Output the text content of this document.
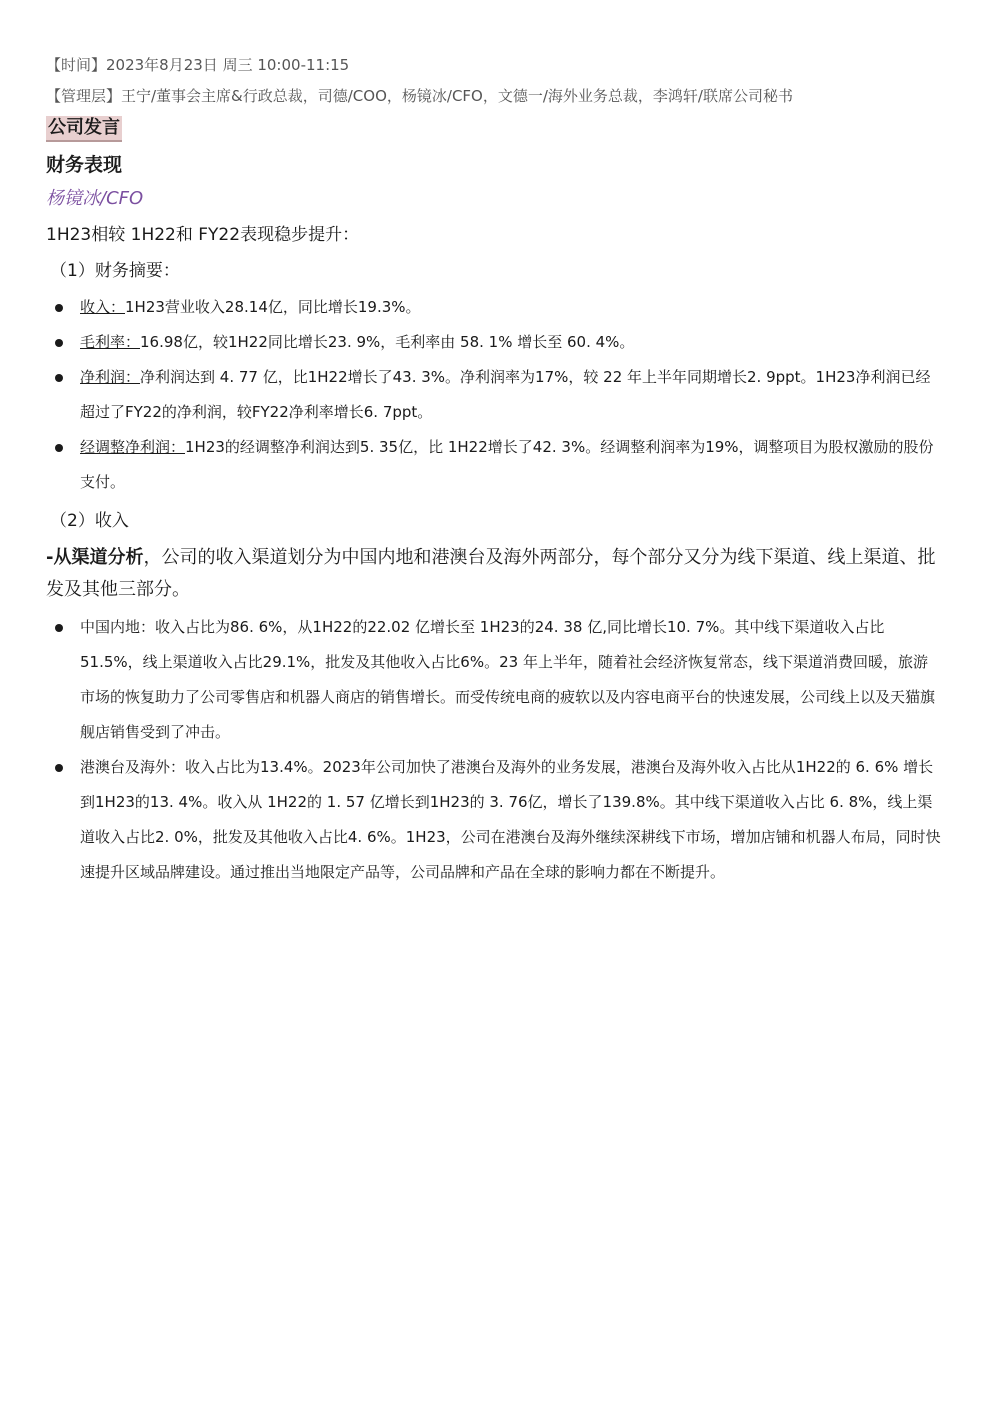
【时间】2023年8月23日 周三 10:00-11:15
【管理层】王宁/董事会主席&行政总裁，司德/COO，杨镜冰/CFO，文德一/海外业务总裁，李鸿轩/联席公司秘书
公司发言
财务表现
杨镜冰/CFO
1H23相较 1H22和 FY22表现稳步提升：
（1）财务摘要：
收入：1H23营业收入28.14亿，同比增长19.3%。
毛利率：16.98亿，较1H22同比增长23. 9%，毛利率由 58. 1% 增长至 60. 4%。
净利润：净利润达到 4. 77 亿，比1H22增长了43. 3%。净利润率为17%，较 22 年上半年同期增长2. 9ppt。1H23净利润已经超过了FY22的净利润，较FY22净利率增长6. 7ppt。
经调整净利润：1H23的经调整净利润达到5. 35亿，比 1H22增长了42. 3%。经调整利润率为19%，调整项目为股权激励的股份支付。
（2）收入
-从渠道分析，公司的收入渠道划分为中国内地和港澳台及海外两部分，每个部分又分为线下渠道、线上渠道、批发及其他三部分。
中国内地：收入占比为86. 6%，从1H22的22.02 亿增长至 1H23的24. 38 亿,同比增长10. 7%。其中线下渠道收入占比 51.5%，线上渠道收入占比29.1%，批发及其他收入占比6%。23 年上半年，随着社会经济恢复常态，线下渠道消费回暖，旅游市场的恢复助力了公司零售店和机器人商店的销售增长。而受传统电商的疲软以及内容电商平台的快速发展，公司线上以及天猫旗舰店销售受到了冲击。
港澳台及海外：收入占比为13.4%。2023年公司加快了港澳台及海外的业务发展，港澳台及海外收入占比从1H22的 6. 6% 增长到1H23的13. 4%。收入从 1H22的 1. 57 亿增长到1H23的 3. 76亿，增长了139.8%。其中线下渠道收入占比 6. 8%，线上渠道收入占比2. 0%，批发及其他收入占比4. 6%。1H23，公司在港澳台及海外继续深耕线下市场，增加店铺和机器人布局，同时快速提升区域品牌建设。通过推出当地限定产品等，公司品牌和产品在全球的影响力都在不断提升。
